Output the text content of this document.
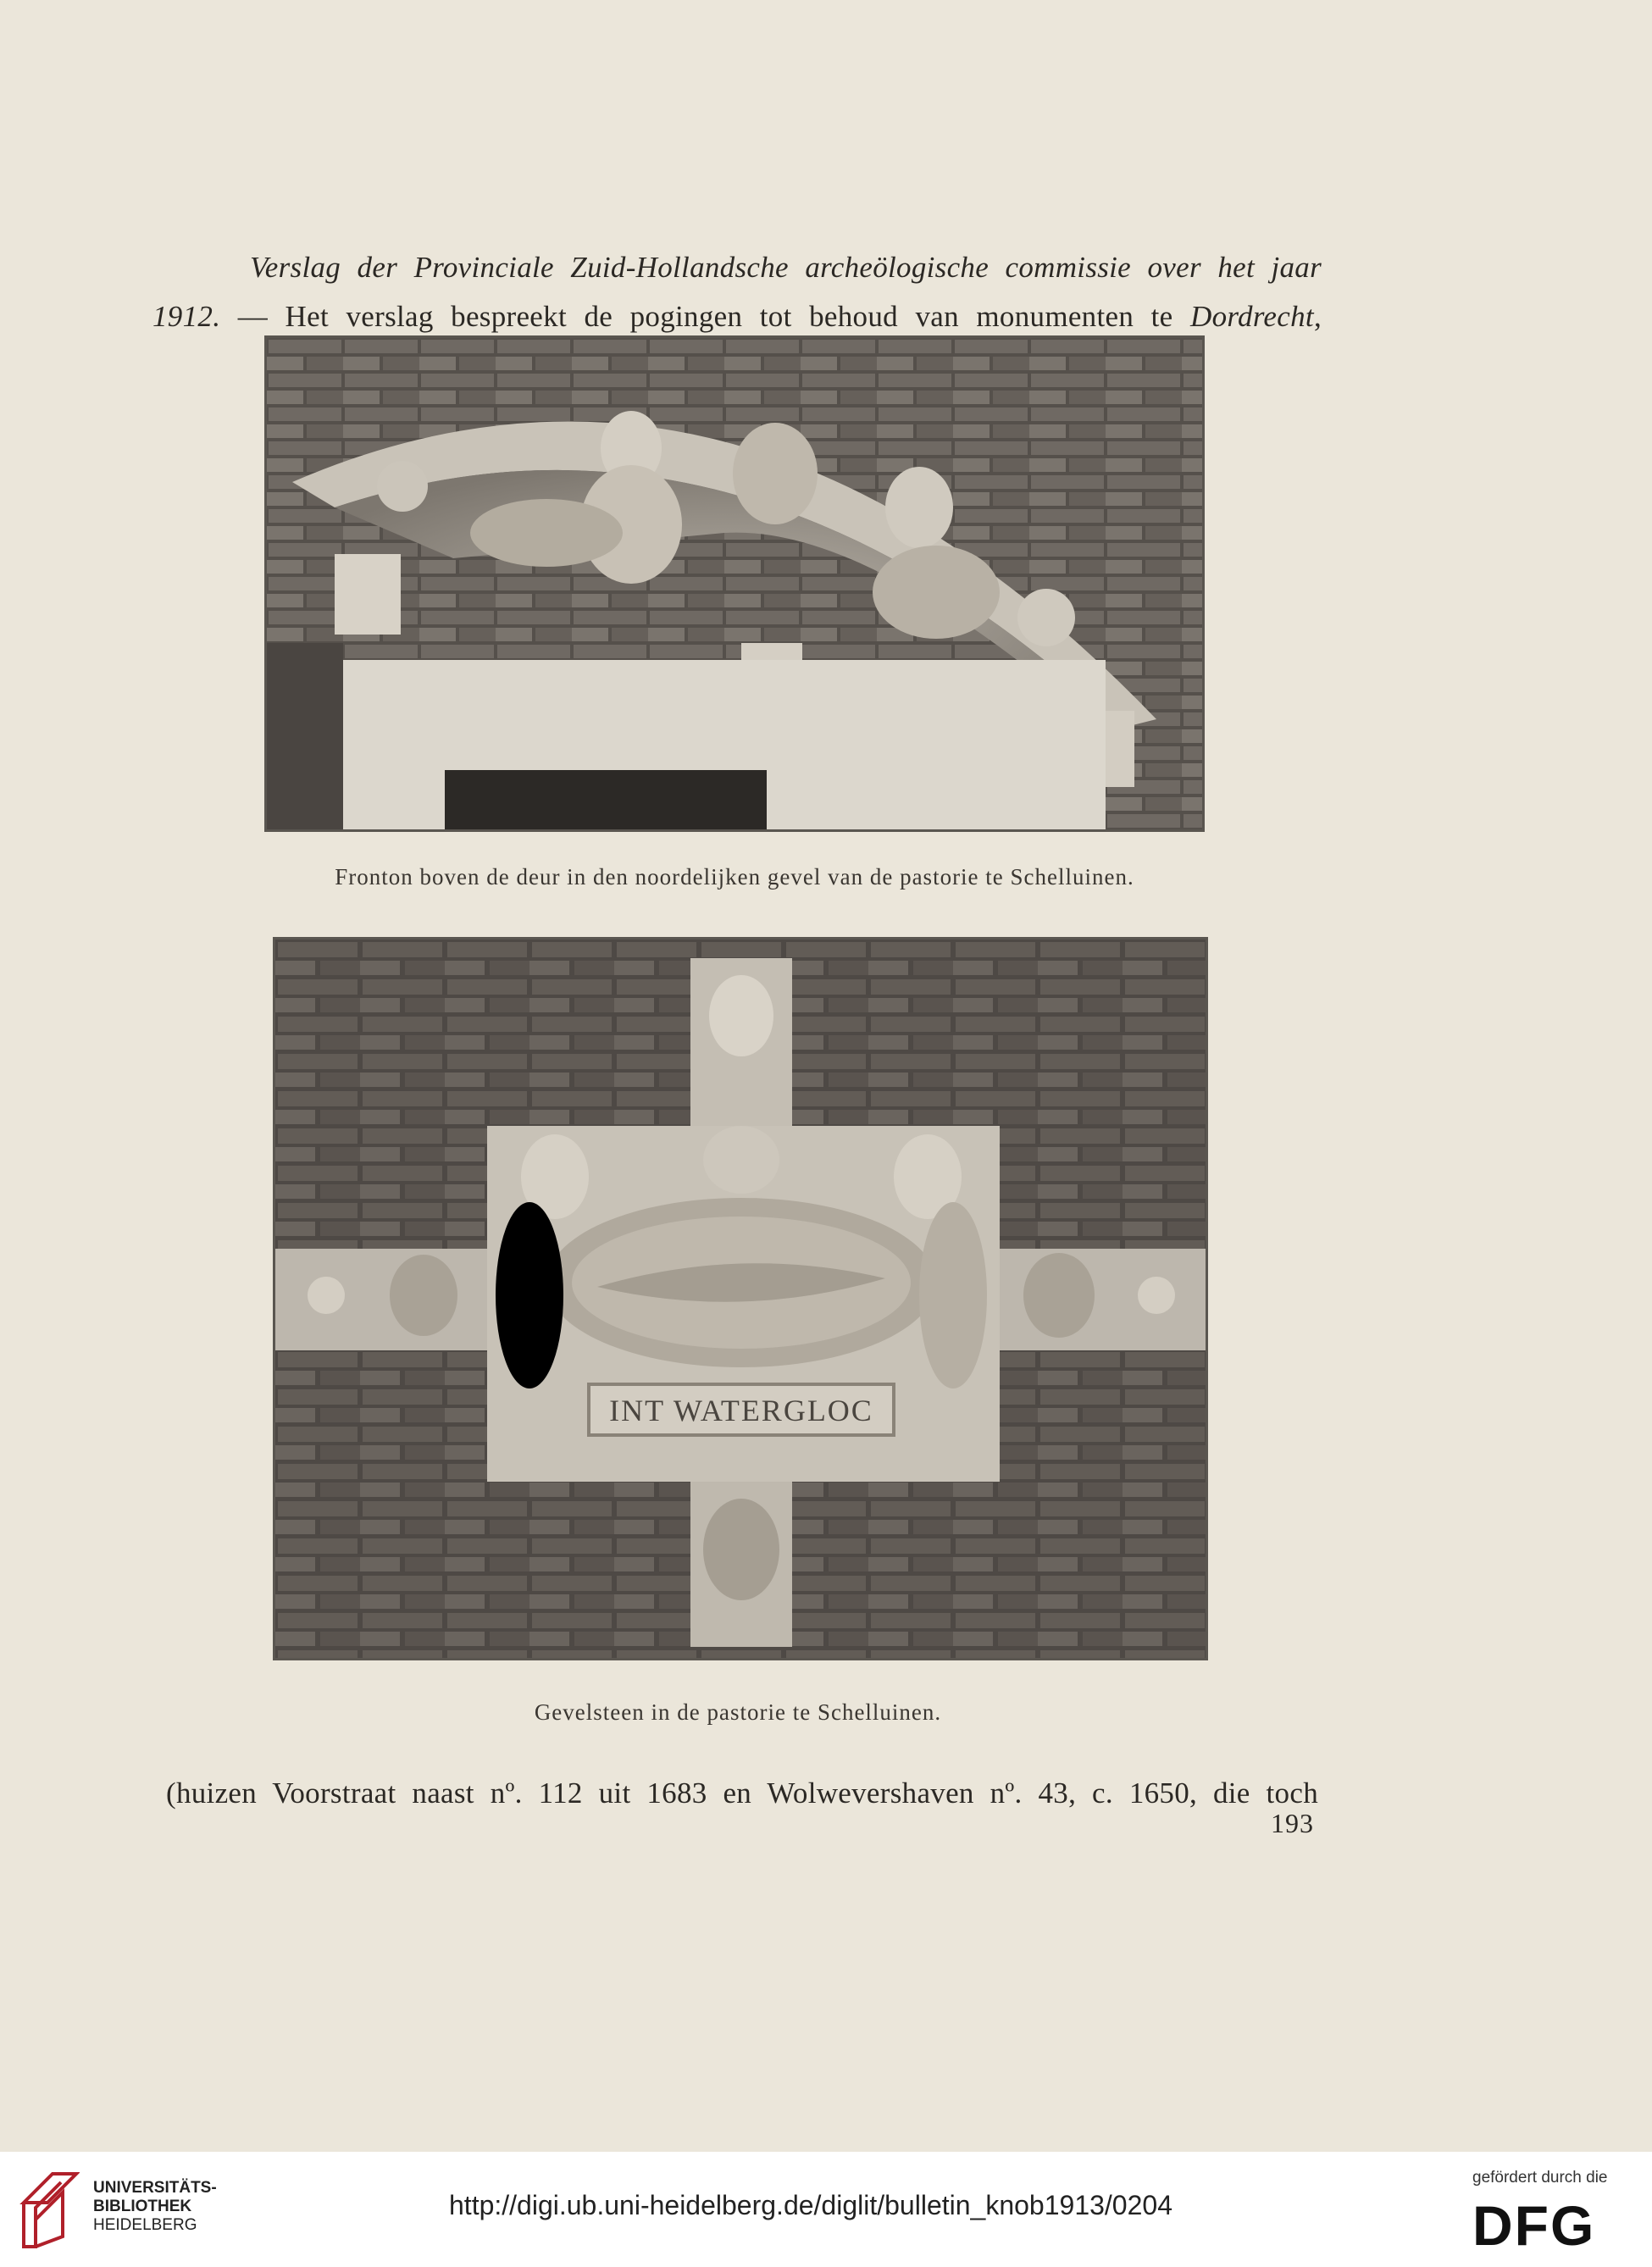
Verslag der Provinciale Zuid-Hollandsche archeölogische commissie over het jaar
1912. — Het verslag bespreekt de pogingen tot behoud van monumenten te Dordrecht,

Fronton boven de deur in den noordelijken gevel van de pastorie te Schelluinen.
INT WATERGLOC
Gevelsteen in de pastorie te Schelluinen.

(huizen Voorstraat naast nº. 112 uit 1683 en Wolwevershaven nº. 43, c. 1650, die toch

193
UNIVERSITÄTS-
BIBLIOTHEK
HEIDELBERG
http://digi.ub.uni-heidelberg.de/diglit/bulletin_knob1913/0204
gefördert durch die
DFG
